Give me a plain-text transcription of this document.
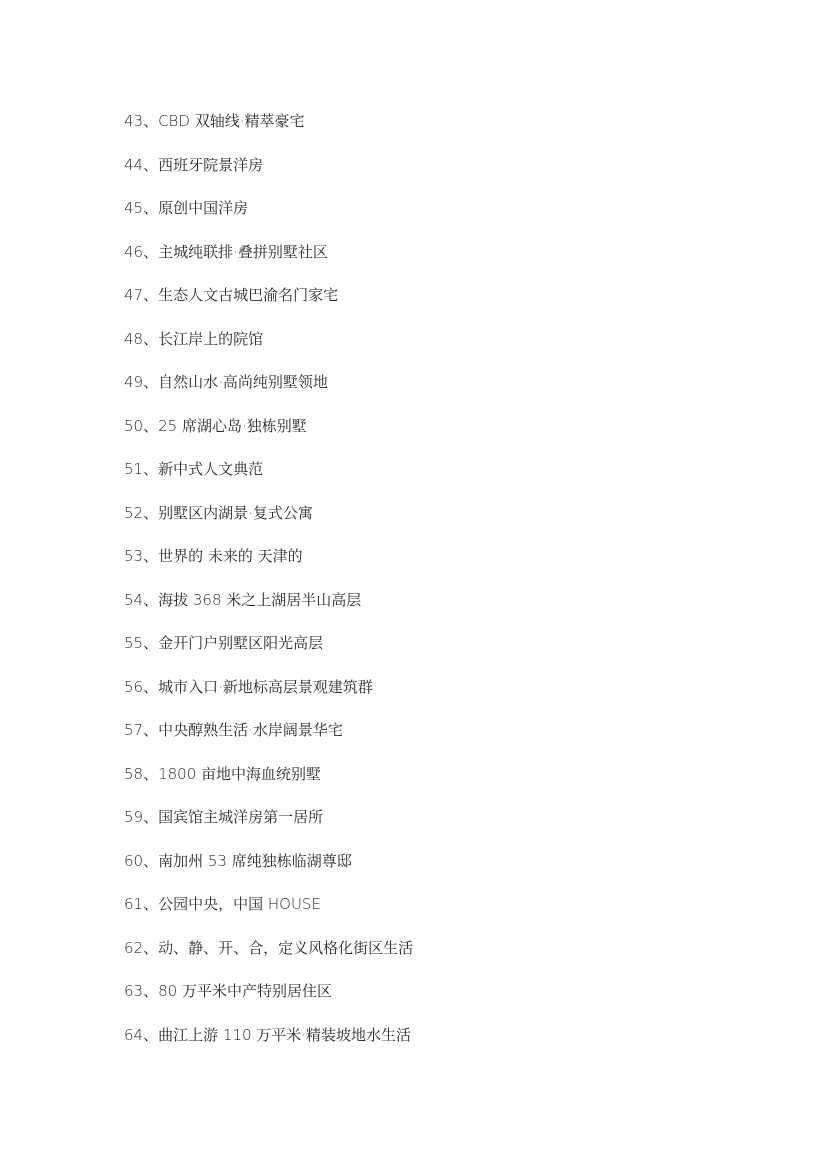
43、CBD 双轴线·精萃豪宅
44、西班牙院景洋房
45、原创中国洋房
46、主城纯联排·叠拼别墅社区
47、生态人文古城巴渝名门家宅
48、长江岸上的院馆
49、自然山水·高尚纯别墅领地
50、25 席湖心岛·独栋别墅
51、新中式人文典范
52、别墅区内湖景·复式公寓
53、世界的 未来的 天津的
54、海拔 368 米之上湖居半山高层
55、金开门户别墅区阳光高层
56、城市入口·新地标高层景观建筑群
57、中央醇熟生活·水岸阔景华宅
58、1800 亩地中海血统别墅
59、国宾馆主城洋房第一居所
60、南加州 53 席纯独栋临湖尊邸
61、公园中央，中国 HOUSE
62、动、静、开、合，定义风格化街区生活
63、80 万平米中产特别居住区
64、曲江上游 110 万平米·精装坡地水生活
